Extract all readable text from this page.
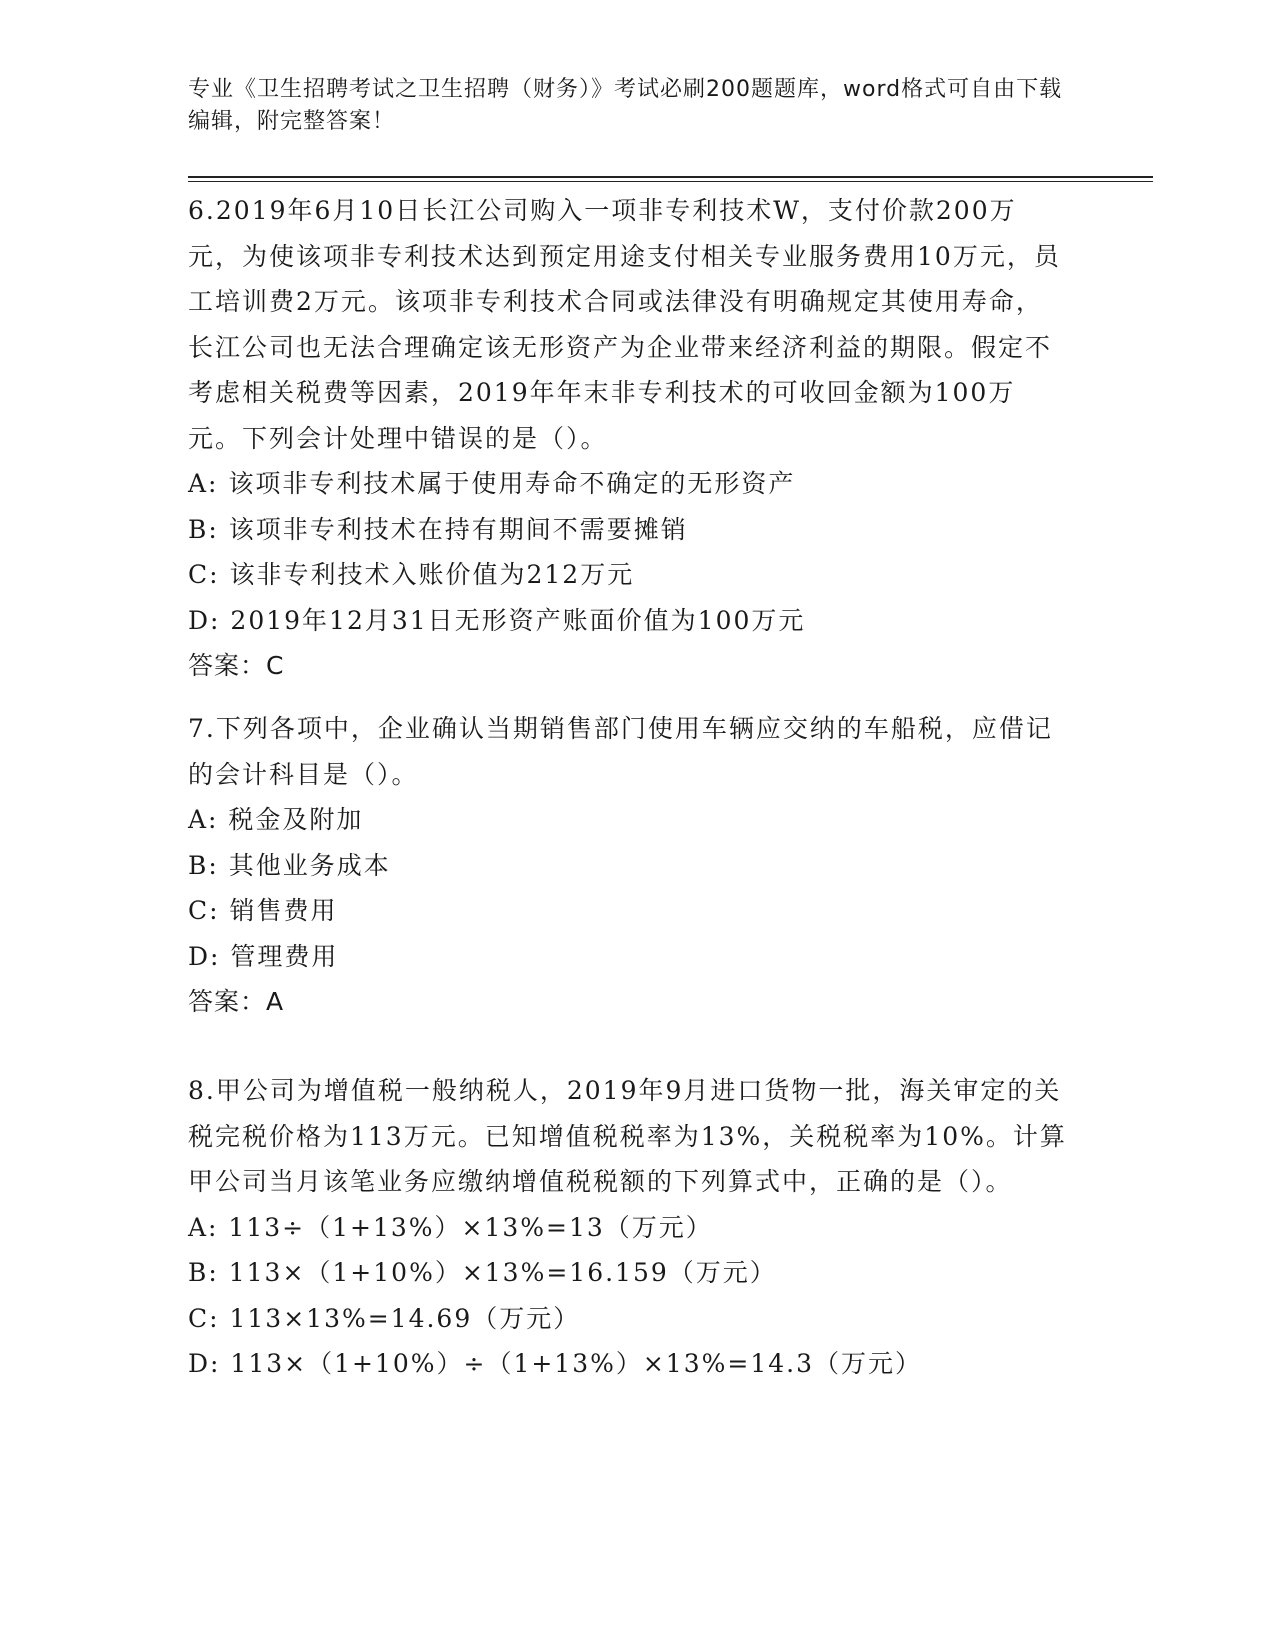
专业《卫生招聘考试之卫生招聘（财务）》考试必刷200题题库，word格式可自由下载编辑，附完整答案！
6.2019年6月10日长江公司购入一项非专利技术W，支付价款200万元，为使该项非专利技术达到预定用途支付相关专业服务费用10万元，员工培训费2万元。该项非专利技术合同或法律没有明确规定其使用寿命，长江公司也无法合理确定该无形资产为企业带来经济利益的期限。假定不考虑相关税费等因素，2019年年末非专利技术的可收回金额为100万元。下列会计处理中错误的是（）。
A: 该项非专利技术属于使用寿命不确定的无形资产
B: 该项非专利技术在持有期间不需要摊销
C: 该非专利技术入账价值为212万元
D: 2019年12月31日无形资产账面价值为100万元
答案：C
7.下列各项中，企业确认当期销售部门使用车辆应交纳的车船税，应借记的会计科目是（）。
A: 税金及附加
B: 其他业务成本
C: 销售费用
D: 管理费用
答案：A
8.甲公司为增值税一般纳税人，2019年9月进口货物一批，海关审定的关税完税价格为113万元。已知增值税税率为13%，关税税率为10%。计算甲公司当月该笔业务应缴纳增值税税额的下列算式中，正确的是（）。
A: 113÷（1+13%）×13%=13（万元）
B: 113×（1+10%）×13%=16.159（万元）
C: 113×13%=14.69（万元）
D: 113×（1+10%）÷（1+13%）×13%=14.3（万元）
